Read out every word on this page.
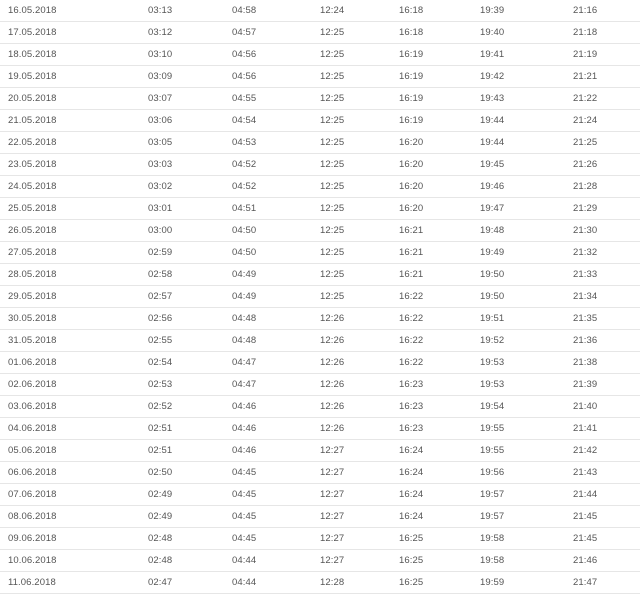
16.05.2018	03:13	04:58	12:24	16:18	19:39	21:16
17.05.2018	03:12	04:57	12:25	16:18	19:40	21:18
18.05.2018	03:10	04:56	12:25	16:19	19:41	21:19
19.05.2018	03:09	04:56	12:25	16:19	19:42	21:21
20.05.2018	03:07	04:55	12:25	16:19	19:43	21:22
21.05.2018	03:06	04:54	12:25	16:19	19:44	21:24
22.05.2018	03:05	04:53	12:25	16:20	19:44	21:25
23.05.2018	03:03	04:52	12:25	16:20	19:45	21:26
24.05.2018	03:02	04:52	12:25	16:20	19:46	21:28
25.05.2018	03:01	04:51	12:25	16:20	19:47	21:29
26.05.2018	03:00	04:50	12:25	16:21	19:48	21:30
27.05.2018	02:59	04:50	12:25	16:21	19:49	21:32
28.05.2018	02:58	04:49	12:25	16:21	19:50	21:33
29.05.2018	02:57	04:49	12:25	16:22	19:50	21:34
30.05.2018	02:56	04:48	12:26	16:22	19:51	21:35
31.05.2018	02:55	04:48	12:26	16:22	19:52	21:36
01.06.2018	02:54	04:47	12:26	16:22	19:53	21:38
02.06.2018	02:53	04:47	12:26	16:23	19:53	21:39
03.06.2018	02:52	04:46	12:26	16:23	19:54	21:40
04.06.2018	02:51	04:46	12:26	16:23	19:55	21:41
05.06.2018	02:51	04:46	12:27	16:24	19:55	21:42
06.06.2018	02:50	04:45	12:27	16:24	19:56	21:43
07.06.2018	02:49	04:45	12:27	16:24	19:57	21:44
08.06.2018	02:49	04:45	12:27	16:24	19:57	21:45
09.06.2018	02:48	04:45	12:27	16:25	19:58	21:45
10.06.2018	02:48	04:44	12:27	16:25	19:58	21:46
11.06.2018	02:47	04:44	12:28	16:25	19:59	21:47
